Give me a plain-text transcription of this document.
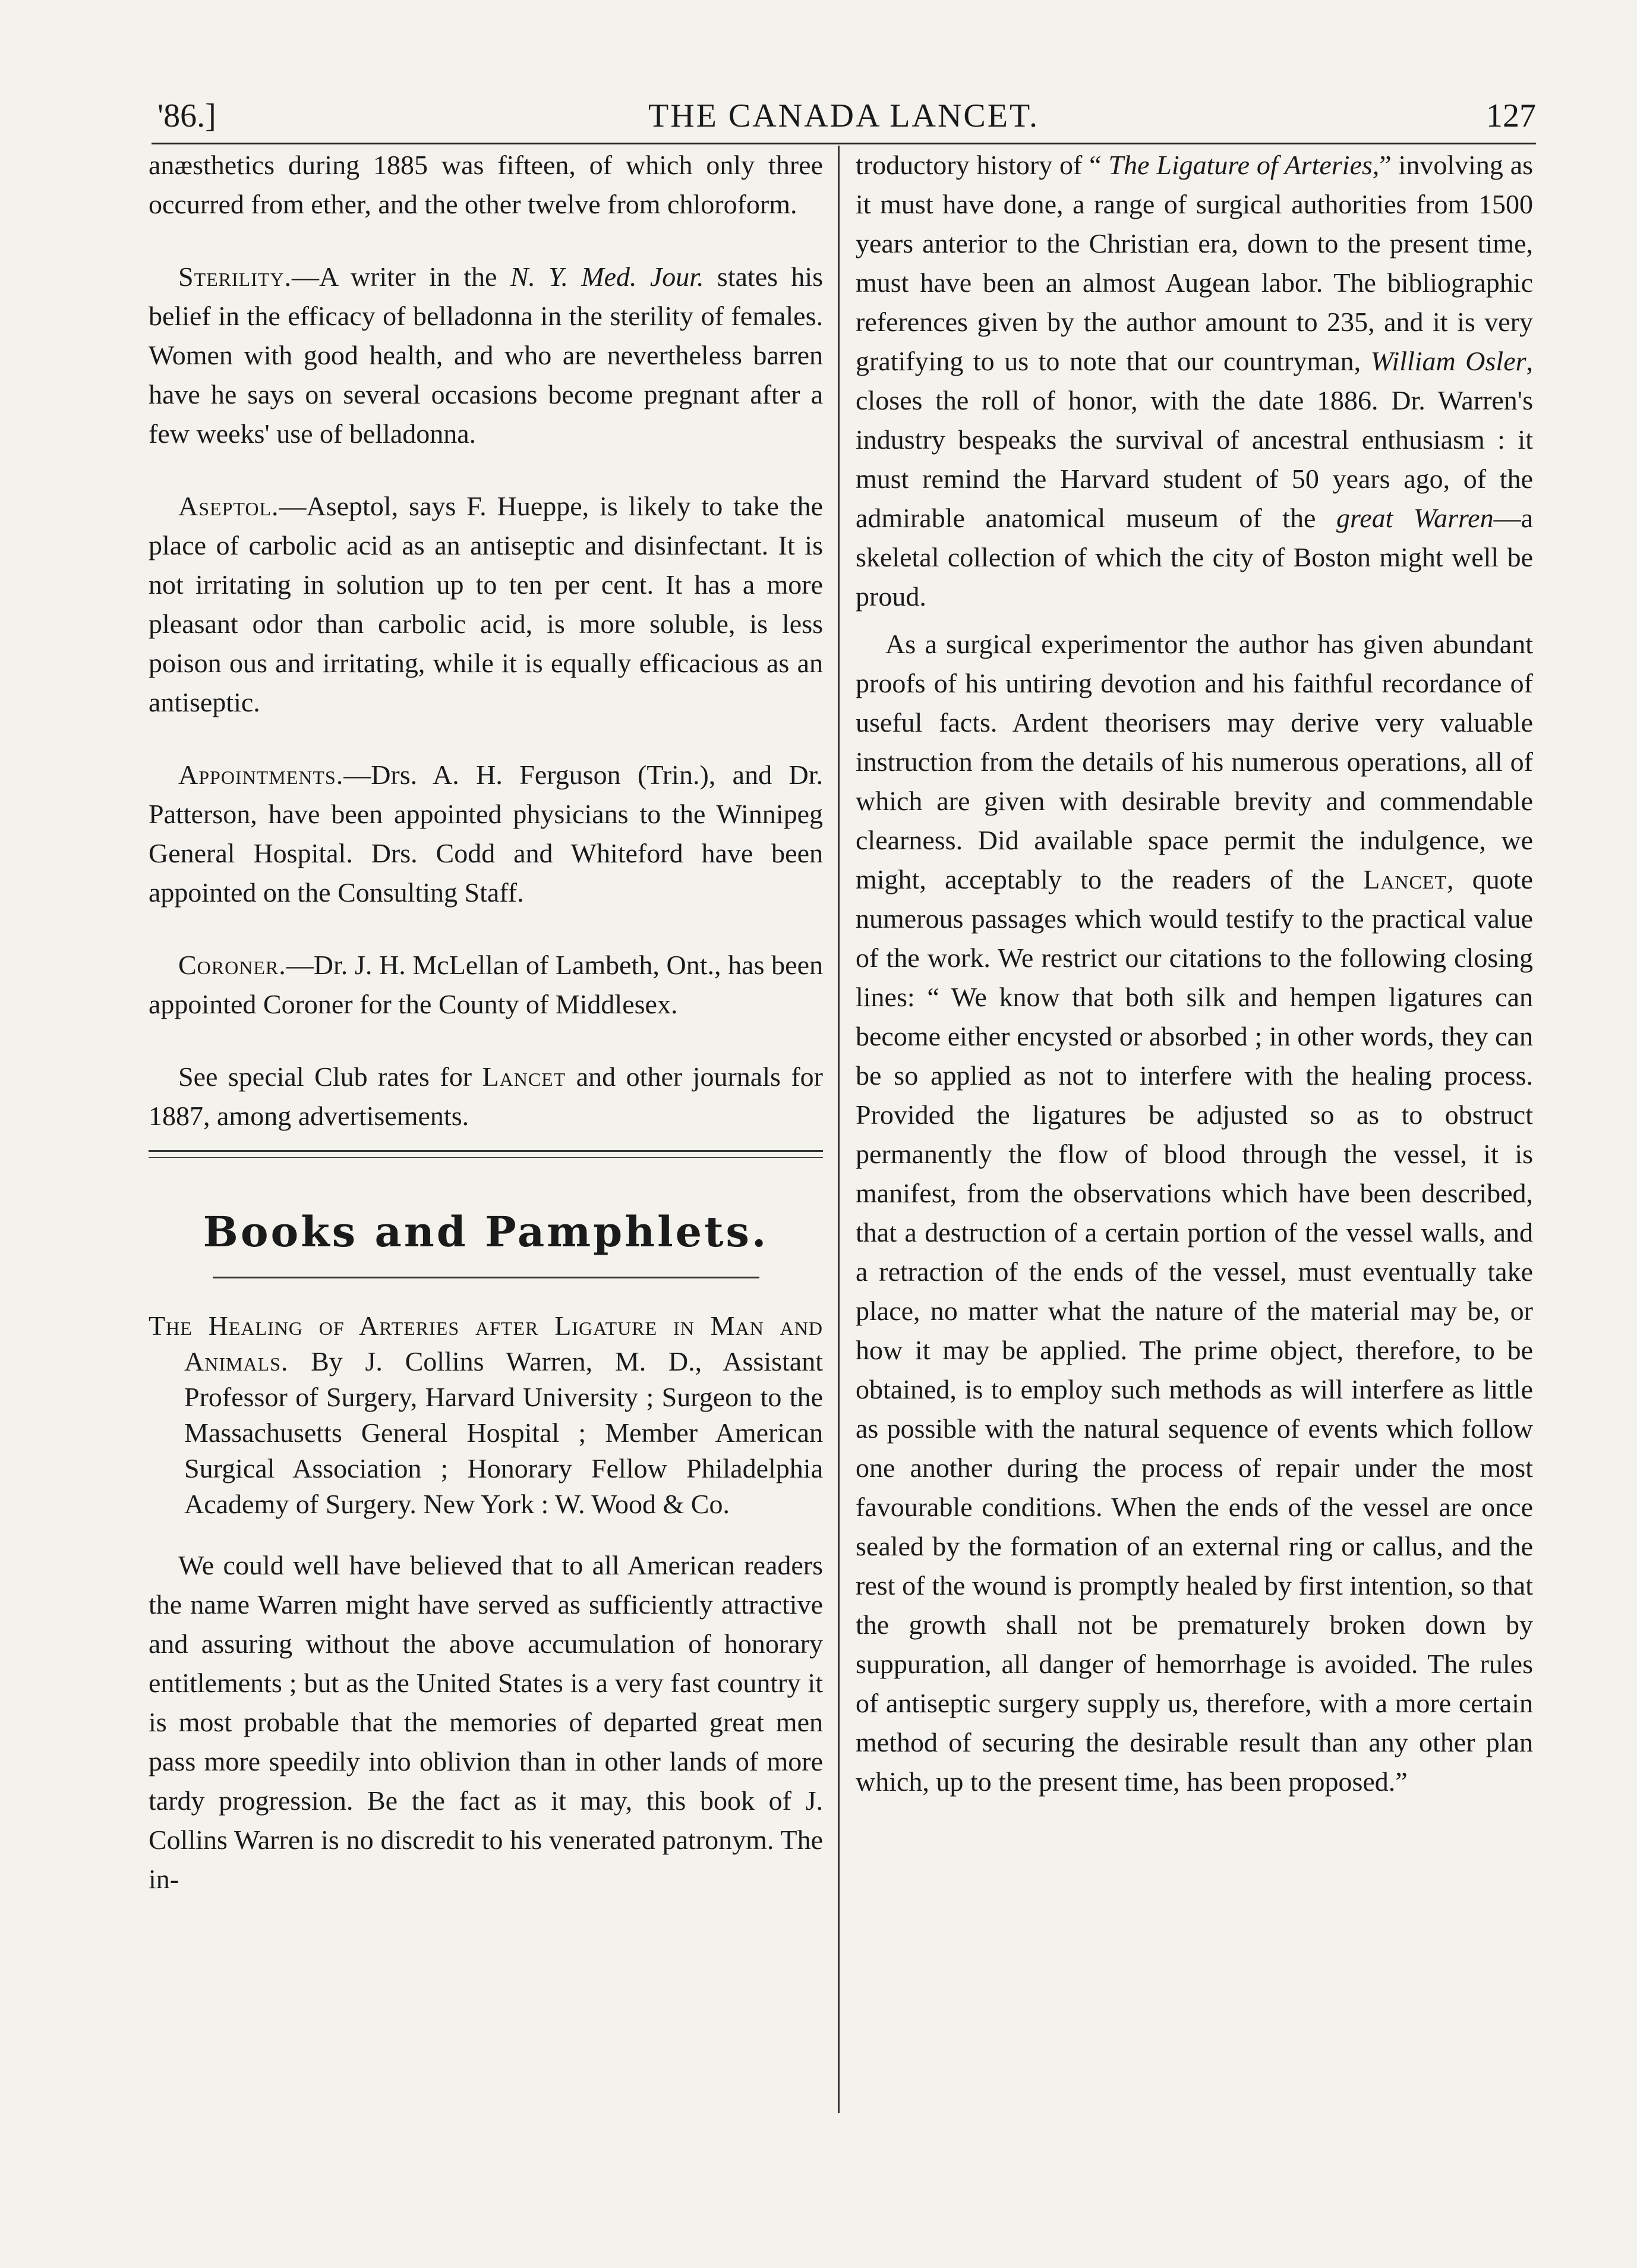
'86.]	THE CANADA LANCET.	127

anæsthetics during 1885 was fifteen, of which only three occurred from ether, and the other twelve from chloroform.

Sterility.—A writer in the N. Y. Med. Jour. states his belief in the efficacy of belladonna in the sterility of females. Women with good health, and who are nevertheless barren have he says on several occasions become pregnant after a few weeks' use of belladonna.

Aseptol.—Aseptol, says F. Hueppe, is likely to take the place of carbolic acid as an antiseptic and disinfectant. It is not irritating in solution up to ten per cent. It has a more pleasant odor than carbolic acid, is more soluble, is less poison ous and irritating, while it is equally efficacious as an antiseptic.

Appointments.—Drs. A. H. Ferguson (Trin.), and Dr. Patterson, have been appointed physicians to the Winnipeg General Hospital. Drs. Codd and Whiteford have been appointed on the Consulting Staff.

Coroner.—Dr. J. H. McLellan of Lambeth, Ont., has been appointed Coroner for the County of Middlesex.

See special Club rates for Lancet and other journals for 1887, among advertisements.

Books and Pamphlets.

The Healing of Arteries after Ligature in Man and Animals. By J. Collins Warren, M. D., Assistant Professor of Surgery, Harvard University ; Surgeon to the Massachusetts General Hospital ; Member American Surgical Association ; Honorary Fellow Philadelphia Academy of Surgery. New York : W. Wood & Co.

We could well have believed that to all American readers the name Warren might have served as sufficiently attractive and assuring without the above accumulation of honorary entitlements ; but as the United States is a very fast country it is most probable that the memories of departed great men pass more speedily into oblivion than in other lands of more tardy progression. Be the fact as it may, this book of J. Collins Warren is no discredit to his venerated patronym. The in-

troductory history of “ The Ligature of Arteries,” involving as it must have done, a range of surgical authorities from 1500 years anterior to the Christian era, down to the present time, must have been an almost Augean labor. The bibliographic references given by the author amount to 235, and it is very gratifying to us to note that our countryman, William Osler, closes the roll of honor, with the date 1886. Dr. Warren's industry bespeaks the survival of ancestral enthusiasm : it must remind the Harvard student of 50 years ago, of the admirable anatomical museum of the great Warren—a skeletal collection of which the city of Boston might well be proud.

As a surgical experimentor the author has given abundant proofs of his untiring devotion and his faithful recordance of useful facts. Ardent theorisers may derive very valuable instruction from the details of his numerous operations, all of which are given with desirable brevity and commendable clearness. Did available space permit the indulgence, we might, acceptably to the readers of the Lancet, quote numerous passages which would testify to the practical value of the work. We restrict our citations to the following closing lines: “ We know that both silk and hempen ligatures can become either encysted or absorbed ; in other words, they can be so applied as not to interfere with the healing process. Provided the ligatures be adjusted so as to obstruct permanently the flow of blood through the vessel, it is manifest, from the observations which have been described, that a destruction of a certain portion of the vessel walls, and a retraction of the ends of the vessel, must eventually take place, no matter what the nature of the material may be, or how it may be applied. The prime object, therefore, to be obtained, is to employ such methods as will interfere as little as possible with the natural sequence of events which follow one another during the process of repair under the most favourable conditions. When the ends of the vessel are once sealed by the formation of an external ring or callus, and the rest of the wound is promptly healed by first intention, so that the growth shall not be prematurely broken down by suppuration, all danger of hemorrhage is avoided. The rules of antiseptic surgery supply us, therefore, with a more certain method of securing the desirable result than any other plan which, up to the present time, has been proposed.”
